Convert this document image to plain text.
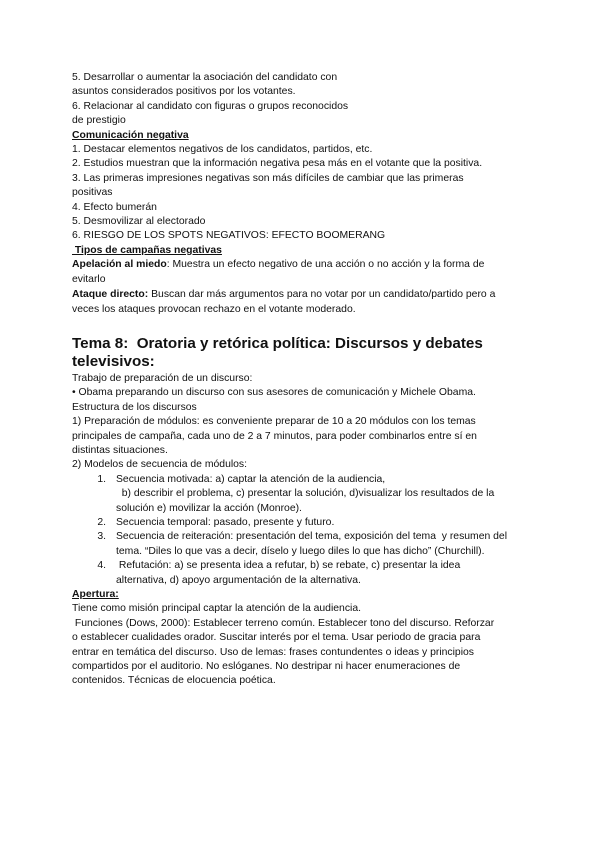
5. Desarrollar o aumentar la asociación del candidato con
asuntos considerados positivos por los votantes.
6. Relacionar al candidato con figuras o grupos reconocidos
de prestigio
Comunicación negativa
1. Destacar elementos negativos de los candidatos, partidos, etc.
2. Estudios muestran que la información negativa pesa más en el votante que la positiva.
3. Las primeras impresiones negativas son más difíciles de cambiar que las primeras
positivas
4. Efecto bumerán
5. Desmovilizar al electorado
6. RIESGO DE LOS SPOTS NEGATIVOS: EFECTO BOOMERANG
Tipos de campañas negativas
Apelación al miedo: Muestra un efecto negativo de una acción o no acción y la forma de
evitarlo
Ataque directo: Buscan dar más argumentos para no votar por un candidato/partido pero a
veces los ataques provocan rechazo en el votante moderado.
Tema 8:  Oratoria y retórica política: Discursos y debates
televisivos:
Trabajo de preparación de un discurso:
• Obama preparando un discurso con sus asesores de comunicación y Michele Obama.
Estructura de los discursos
1) Preparación de módulos: es conveniente preparar de 10 a 20 módulos con los temas
principales de campaña, cada uno de 2 a 7 minutos, para poder combinarlos entre sí en
distintas situaciones.
2) Modelos de secuencia de módulos:
1. Secuencia motivada: a) captar la atención de la audiencia,
b) describir el problema, c) presentar la solución, d)visualizar los resultados de la
solución e) movilizar la acción (Monroe).
2. Secuencia temporal: pasado, presente y futuro.
3. Secuencia de reiteración: presentación del tema, exposición del tema  y resumen del
tema. “Diles lo que vas a decir, díselo y luego diles lo que has dicho” (Churchill).
4. Refutación: a) se presenta idea a refutar, b) se rebate, c) presentar la idea
alternativa, d) apoyo argumentación de la alternativa.
Apertura:
Tiene como misión principal captar la atención de la audiencia.
Funciones (Dows, 2000): Establecer terreno común. Establecer tono del discurso. Reforzar
o establecer cualidades orador. Suscitar interés por el tema. Usar periodo de gracia para
entrar en temática del discurso. Uso de lemas: frases contundentes o ideas y principios
compartidos por el auditorio. No eslóganes. No destripar ni hacer enumeraciones de
contenidos. Técnicas de elocuencia poética.
